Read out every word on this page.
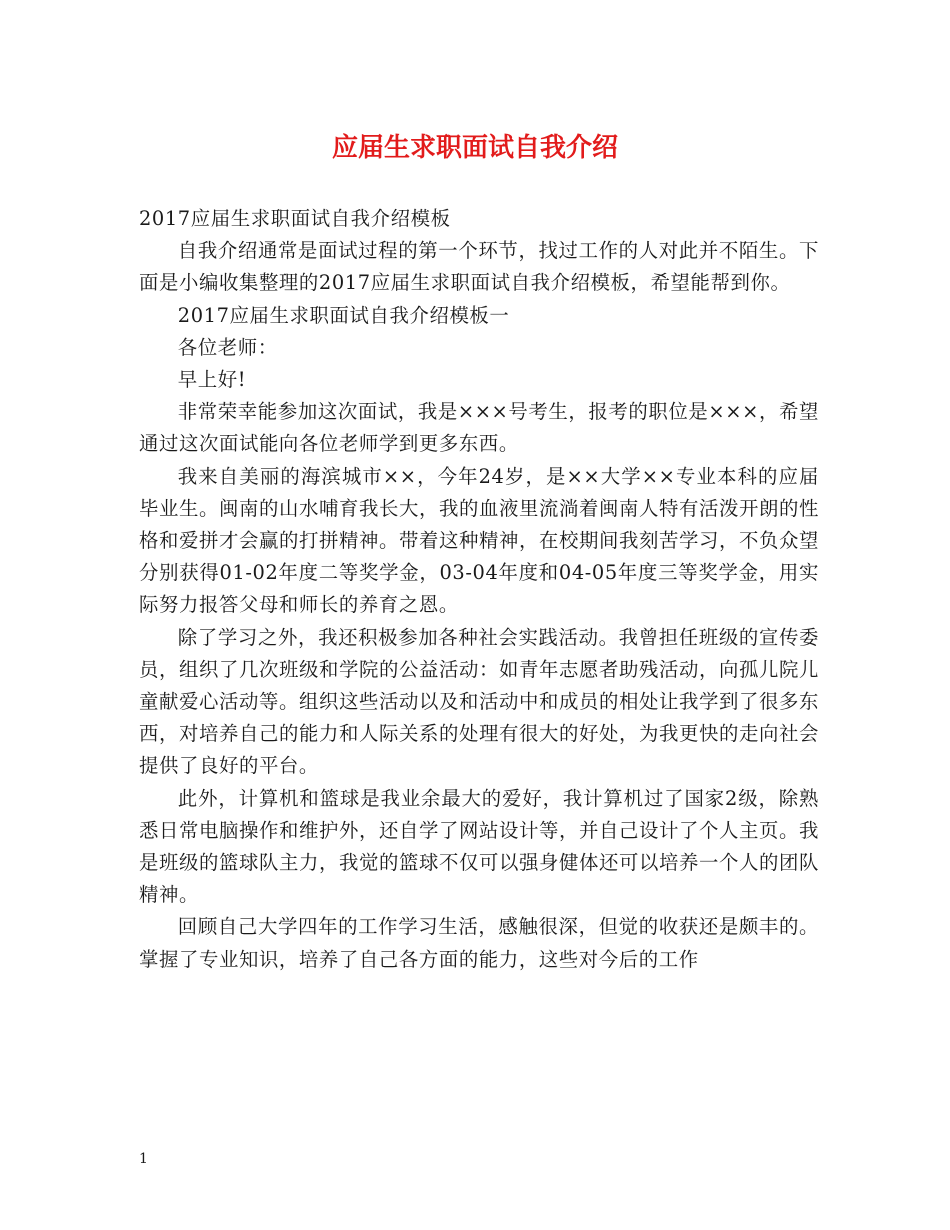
应届生求职面试自我介绍

2017应届生求职面试自我介绍模板

自我介绍通常是面试过程的第一个环节，找过工作的人对此并不陌生。下面是小编收集整理的2017应届生求职面试自我介绍模板，希望能帮到你。

2017应届生求职面试自我介绍模板一

各位老师：

早上好!

非常荣幸能参加这次面试，我是×××号考生，报考的职位是×××，希望通过这次面试能向各位老师学到更多东西。

我来自美丽的海滨城市××，今年24岁，是××大学××专业本科的应届毕业生。闽南的山水哺育我长大，我的血液里流淌着闽南人特有活泼开朗的性格和爱拼才会赢的打拼精神。带着这种精神，在校期间我刻苦学习，不负众望分别获得01-02年度二等奖学金，03-04年度和04-05年度三等奖学金，用实际努力报答父母和师长的养育之恩。

除了学习之外，我还积极参加各种社会实践活动。我曾担任班级的宣传委员，组织了几次班级和学院的公益活动：如青年志愿者助残活动，向孤儿院儿童献爱心活动等。组织这些活动以及和活动中和成员的相处让我学到了很多东西，对培养自己的能力和人际关系的处理有很大的好处，为我更快的走向社会提供了良好的平台。

此外，计算机和篮球是我业余最大的爱好，我计算机过了国家2级，除熟悉日常电脑操作和维护外，还自学了网站设计等，并自己设计了个人主页。我是班级的篮球队主力，我觉的篮球不仅可以强身健体还可以培养一个人的团队精神。

回顾自己大学四年的工作学习生活，感触很深，但觉的收获还是颇丰的。掌握了专业知识，培养了自己各方面的能力，这些对今后的工作

1
